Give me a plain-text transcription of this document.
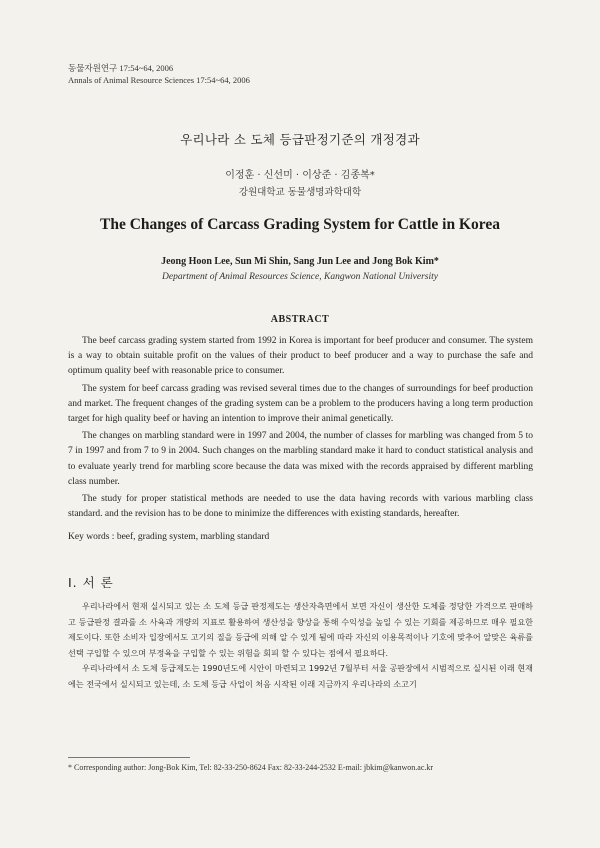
동물자원연구 17:54~64, 2006
Annals of Animal Resource Sciences 17:54~64, 2006
우리나라 소 도체 등급판정기준의 개정경과
이정훈 · 신선미 · 이상준 · 김종복*
강원대학교 동물생명과학대학
The Changes of Carcass Grading System for Cattle in Korea
Jeong Hoon Lee, Sun Mi Shin, Sang Jun Lee and Jong Bok Kim*
Department of Animal Resources Science, Kangwon National University
ABSTRACT

The beef carcass grading system started from 1992 in Korea is important for beef producer and consumer. The system is a way to obtain suitable profit on the values of their product to beef producer and a way to purchase the safe and optimum quality beef with reasonable price to consumer.

The system for beef carcass grading was revised several times due to the changes of surroundings for beef production and market. The frequent changes of the grading system can be a problem to the producers having a long term production target for high quality beef or having an intention to improve their animal genetically.

The changes on marbling standard were in 1997 and 2004, the number of classes for marbling was changed from 5 to 7 in 1997 and from 7 to 9 in 2004. Such changes on the marbling standard make it hard to conduct statistical analysis and to evaluate yearly trend for marbling score because the data was mixed with the records appraised by different marbling class number.

The study for proper statistical methods are needed to use the data having records with various marbling class standard. and the revision has to be done to minimize the differences with existing standards, hereafter.

Key words : beef, grading system, marbling standard
I. 서 론

우리나라에서 현재 실시되고 있는 소 도체 등급 판정제도는 생산자측면에서 보면 자신이 생산한 도체를 정당한 가격으로 판매하고 등급판정 결과를 소 사육과 개량의 지표로 활용하여 생산성을 향상을 통해 수익성을 높일 수 있는 기회를 제공하므로 매우 필요한 제도이다. 또한 소비자 입장에서도 고기의 질을 등급에 의해 알 수 있게 됨에 따라 자신의 이용목적이나 기호에 맞추어 알맞은 육류를 선택 구입할 수 있으며 부정육을 구입할 수 있는 위험을 회피 할 수 있다는 점에서 필요하다.

우리나라에서 소 도체 등급제도는 1990년도에 시안이 마련되고 1992년 7월부터 서울 공판장에서 시범적으로 실시된 이래 현재에는 전국에서 실시되고 있는데, 소 도체 등급 사업이 처음 시작된 이래 지금까지 우리나라의 소고기

* Corresponding author: Jong-Bok Kim, Tel: 82-33-250-8624 Fax: 82-33-244-2532 E-mail: jbkim@kanwon.ac.kr
